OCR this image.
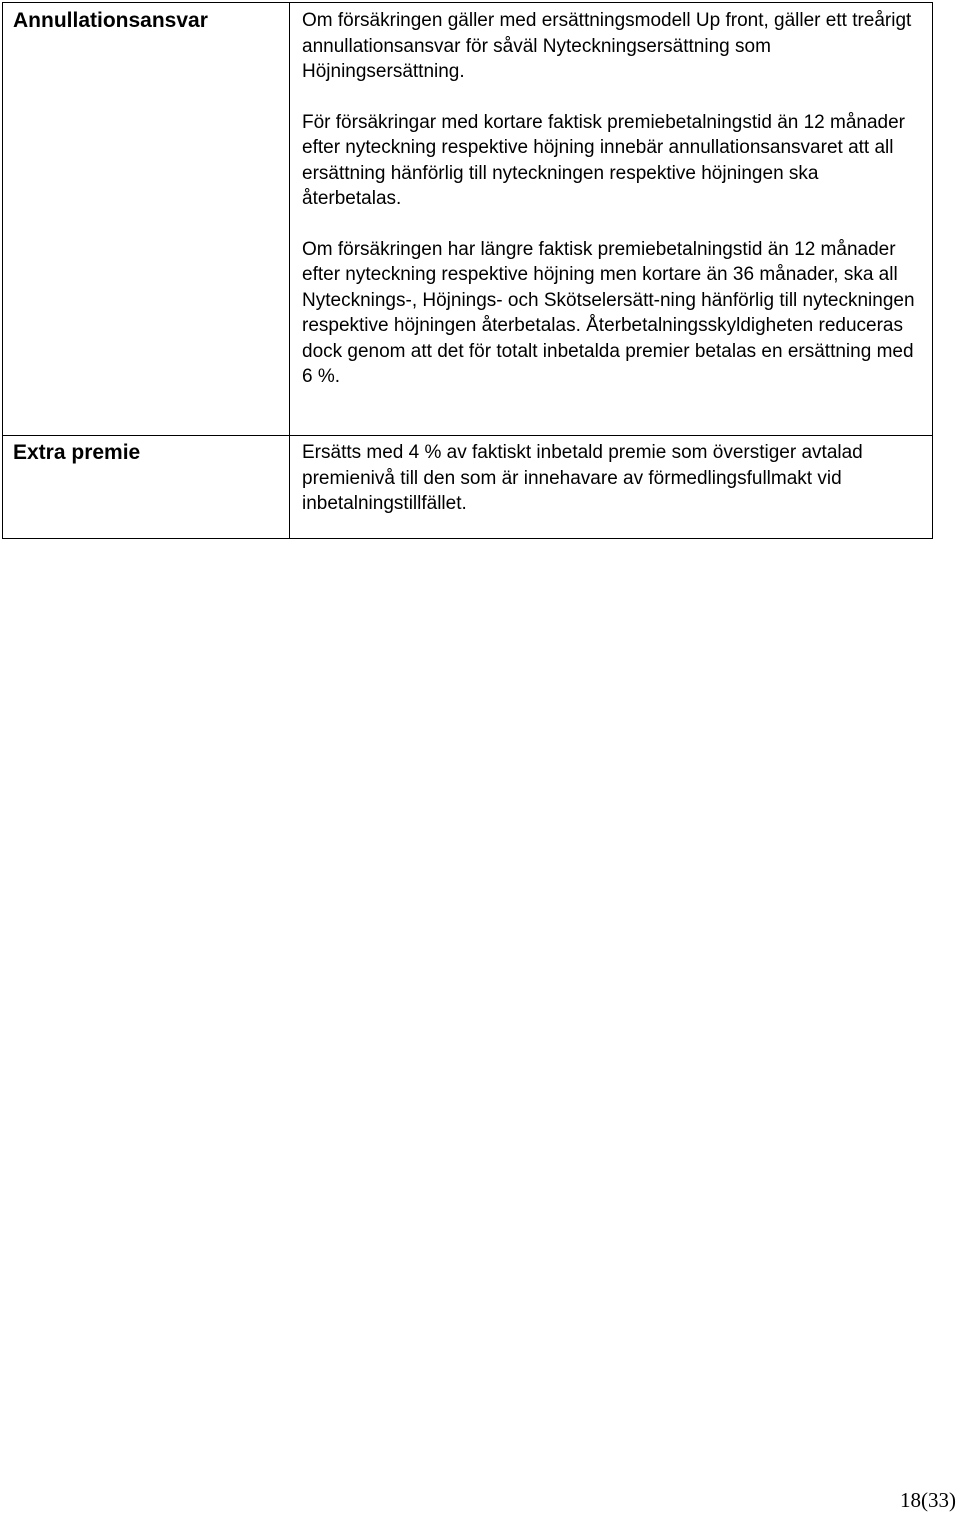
Annullationsansvar	Om försäkringen gäller med ersättningsmodell Up front, gäller ett treårigt annullationsansvar för såväl Nyteckningsersättning som Höjningsersättning.

För försäkringar med kortare faktisk premiebetalningstid än 12 månader efter nyteckning respektive höjning innebär annullationsansvaret att all ersättning hänförlig till nyteckningen respektive höjningen ska återbetalas.

Om försäkringen har längre faktisk premiebetalningstid än 12 månader efter nyteckning respektive höjning men kortare än 36 månader, ska all Nytecknings-, Höjnings- och Skötselersätt-ning hänförlig till nyteckningen respektive höjningen återbetalas. Återbetalningsskyldigheten reduceras dock genom att det för totalt inbetalda premier betalas en ersättning med 6 %.

Extra premie	Ersätts med 4 % av faktiskt inbetald premie som överstiger avtalad premienivå till den som är innehavare av förmedlingsfullmakt vid inbetalningstillfället.

18(33)
